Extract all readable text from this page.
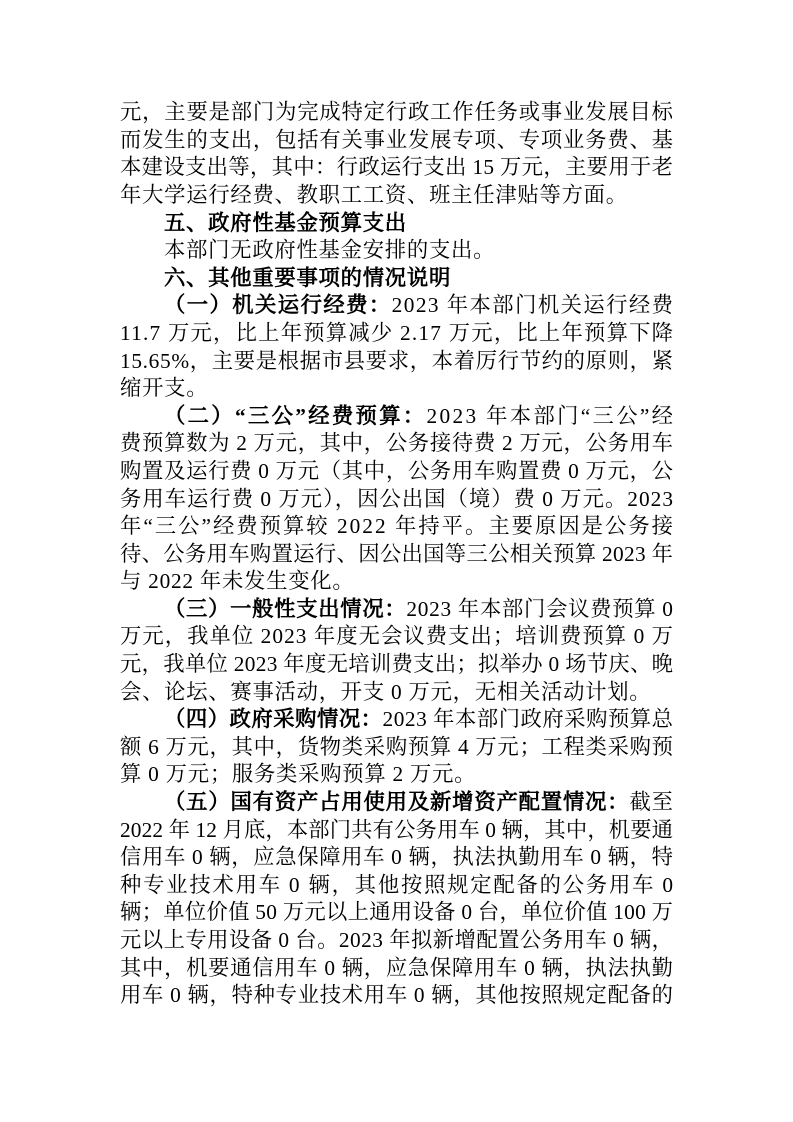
元，主要是部门为完成特定行政工作任务或事业发展目标
而发生的支出，包括有关事业发展专项、专项业务费、基
本建设支出等，其中：行政运行支出 15 万元，主要用于老
年大学运行经费、教职工工资、班主任津贴等方面。
五、政府性基金预算支出
本部门无政府性基金安排的支出。
六、其他重要事项的情况说明
（一）机关运行经费：2023 年本部门机关运行经费
11.7 万元，比上年预算减少 2.17 万元，比上年预算下降
15.65%，主要是根据市县要求，本着厉行节约的原则，紧
缩开支。
（二）“三公”经费预算：2023 年本部门“三公”经
费预算数为 2 万元，其中，公务接待费 2 万元，公务用车
购置及运行费 0 万元（其中，公务用车购置费 0 万元，公
务用车运行费 0 万元），因公出国（境）费 0 万元。2023
年“三公”经费预算较 2022 年持平。主要原因是公务接
待、公务用车购置运行、因公出国等三公相关预算 2023 年
与 2022 年未发生变化。
（三）一般性支出情况：2023 年本部门会议费预算 0
万元，我单位 2023 年度无会议费支出；培训费预算 0 万
元，我单位 2023 年度无培训费支出；拟举办 0 场节庆、晚
会、论坛、赛事活动，开支 0 万元，无相关活动计划。
（四）政府采购情况：2023 年本部门政府采购预算总
额 6 万元，其中，货物类采购预算 4 万元；工程类采购预
算 0 万元；服务类采购预算 2 万元。
（五）国有资产占用使用及新增资产配置情况：截至
2022 年 12 月底，本部门共有公务用车 0 辆，其中，机要通
信用车 0 辆，应急保障用车 0 辆，执法执勤用车 0 辆，特
种专业技术用车 0 辆，其他按照规定配备的公务用车 0
辆；单位价值 50 万元以上通用设备 0 台，单位价值 100 万
元以上专用设备 0 台。2023 年拟新增配置公务用车 0 辆，
其中，机要通信用车 0 辆，应急保障用车 0 辆，执法执勤
用车 0 辆，特种专业技术用车 0 辆，其他按照规定配备的
